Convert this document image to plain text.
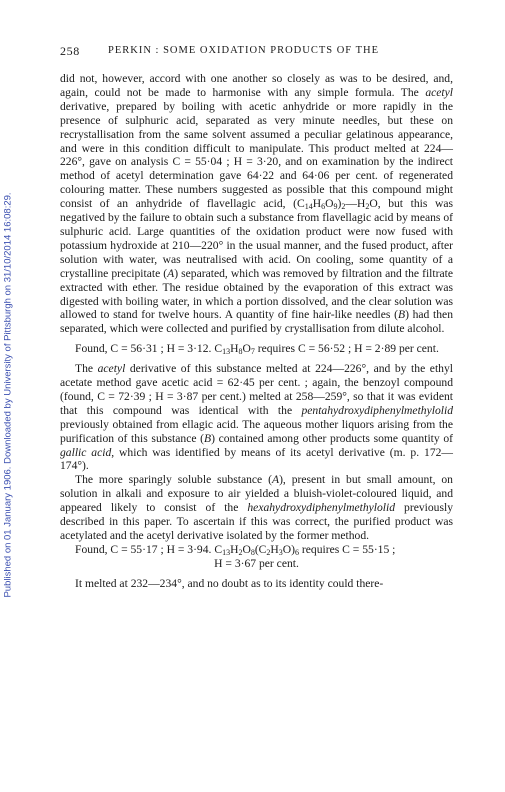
Published on 01 January 1906. Downloaded by University of Pittsburgh on 31/10/2014 16:08:29.
258	PERKIN : SOME OXIDATION PRODUCTS OF THE

did not, however, accord with one another so closely as was to be desired, and, again, could not be made to harmonise with any simple formula. The acetyl derivative, prepared by boiling with acetic anhydride or more rapidly in the presence of sulphuric acid, separated as very minute needles, but these on recrystallisation from the same solvent assumed a peculiar gelatinous appearance, and were in this condition difficult to manipulate. This product melted at 224—226°, gave on analysis C = 55·04 ; H = 3·20, and on examination by the indirect method of acetyl determination gave 64·22 and 64·06 per cent. of regenerated colouring matter. These numbers suggested as possible that this compound might consist of an anhydride of flavellagic acid, $(C_{14}H_6O_9)_2—H_2O$, but this was negatived by the failure to obtain such a substance from flavellagic acid by means of sulphuric acid. Large quantities of the oxidation product were now fused with potassium hydroxide at 210—220° in the usual manner, and the fused product, after solution with water, was neutralised with acid. On cooling, some quantity of a crystalline precipitate (A) separated, which was removed by filtration and the filtrate extracted with ether. The residue obtained by the evaporation of this extract was digested with boiling water, in which a portion dissolved, and the clear solution was allowed to stand for twelve hours. A quantity of fine hair-like needles (B) had then separated, which were collected and purified by crystallisation from dilute alcohol.

Found, C = 56·31 ; H = 3·12. $C_{13}H_8O_7$ requires C = 56·52 ; H = 2·89 per cent.

The acetyl derivative of this substance melted at 224—226°, and by the ethyl acetate method gave acetic acid = 62·45 per cent. ; again, the benzoyl compound (found, C = 72·39 ; H = 3·87 per cent.) melted at 258—259°, so that it was evident that this compound was identical with the pentahydroxydiphenylmethylolid previously obtained from ellagic acid. The aqueous mother liquors arising from the purification of this substance (B) contained among other products some quantity of gallic acid, which was identified by means of its acetyl derivative (m. p. 172—174°).

The more sparingly soluble substance (A), present in but small amount, on solution in alkali and exposure to air yielded a bluish-violet-coloured liquid, and appeared likely to consist of the hexahydroxydiphenylmethylolid previously described in this paper. To ascertain if this was correct, the purified product was acetylated and the acetyl derivative isolated by the former method.

Found, C = 55·17 ; H = 3·94. $C_{13}H_2O_8(C_2H_3O)_6$ requires C = 55·15 ;

H = 3·67 per cent.

It melted at 232—234°, and no doubt as to its identity could there-
